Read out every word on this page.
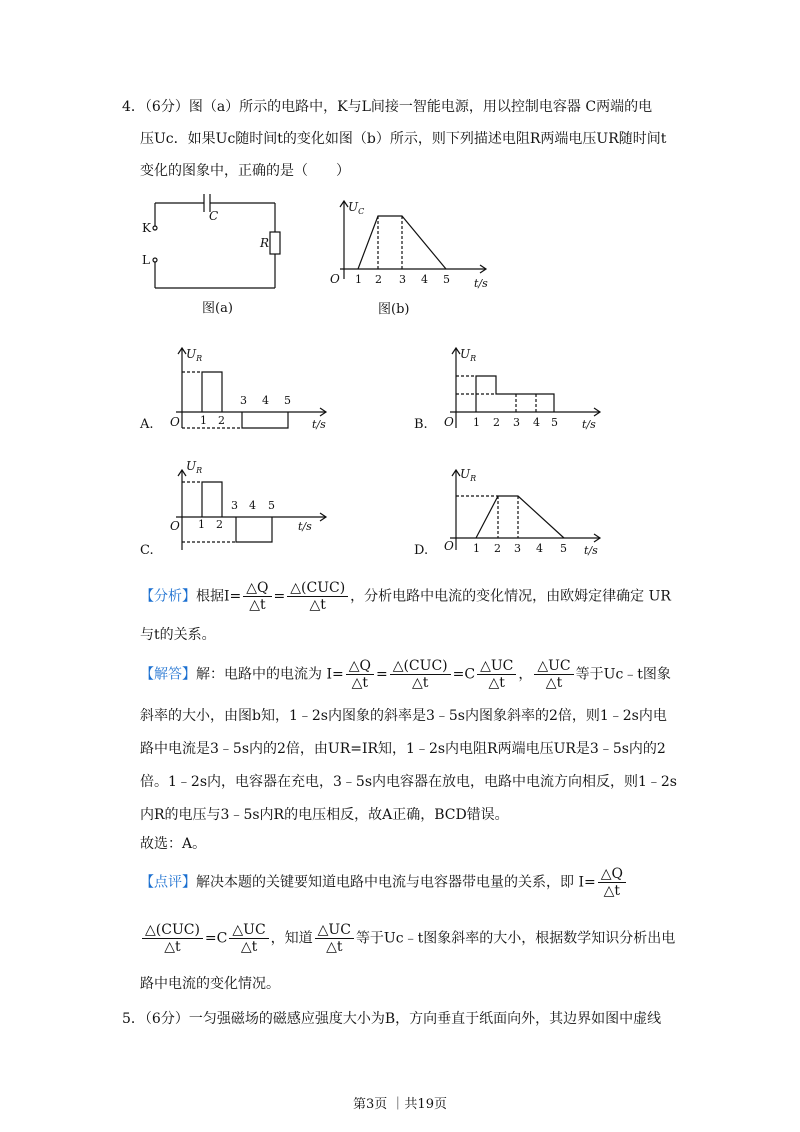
4．（6分）图（a）所示的电路中，K与L间接一智能电源，用以控制电容器 C两端的电
压Uc．如果Uc随时间t的变化如图（b）所示，则下列描述电阻R两端电压UR随时间t
变化的图象中，正确的是（　　）
C
K
L
R
图(a)
$U_C$
O 1 2 3 4 5 t/s
图(b)
$U_R$
O 1 2
3 4 5
t/s
A.
$U_R$
O 1 2 3 4 5 t/s
B.
$U_R$
O 1 2
3 4 5
t/s
C.
$U_R$
O 1 2 3 4 5 t/s
D.
【分析】根据$I= \frac{\triangle Q}{\triangle t} = \frac{\text{△(CUC)}}{\triangle t}$ ，分析电路中电流的变化情况，由欧姆定律确定 UR
与t的关系。
【解答】解：电路中的电流为 $I= \frac{\triangle Q}{\triangle t} = \frac{\text{△(CUC)}}{\triangle t} =C \frac{\triangle UC}{\triangle t}$ ， $\frac{\triangle UC}{\triangle t}$ 等于Uc﹣t图象
斜率的大小，由图b知，1﹣2s内图象的斜率是3﹣5s内图象斜率的2倍，则1﹣2s内电
路中电流是3﹣5s内的2倍，由UR=IR知，1﹣2s内电阻R两端电压UR是3﹣5s内的2
倍。1﹣2s内，电容器在充电，3﹣5s内电容器在放电，电路中电流方向相反，则1﹣2s
内R的电压与3﹣5s内R的电压相反，故A正确，BCD错误。
故选：A。
【点评】解决本题的关键要知道电路中电流与电容器带电量的关系，即 $I= \frac{\triangle Q}{\triangle t}$
$\frac{\text{△(CUC)}}{\triangle t} =C \frac{\triangle UC}{\triangle t}$ ，知道 $\frac{\triangle UC}{\triangle t}$ 等于Uc﹣t图象斜率的大小，根据数学知识分析出电
路中电流的变化情况。
5．（6分）一匀强磁场的磁感应强度大小为B，方向垂直于纸面向外，其边界如图中虚线
第3页 ｜共19页
